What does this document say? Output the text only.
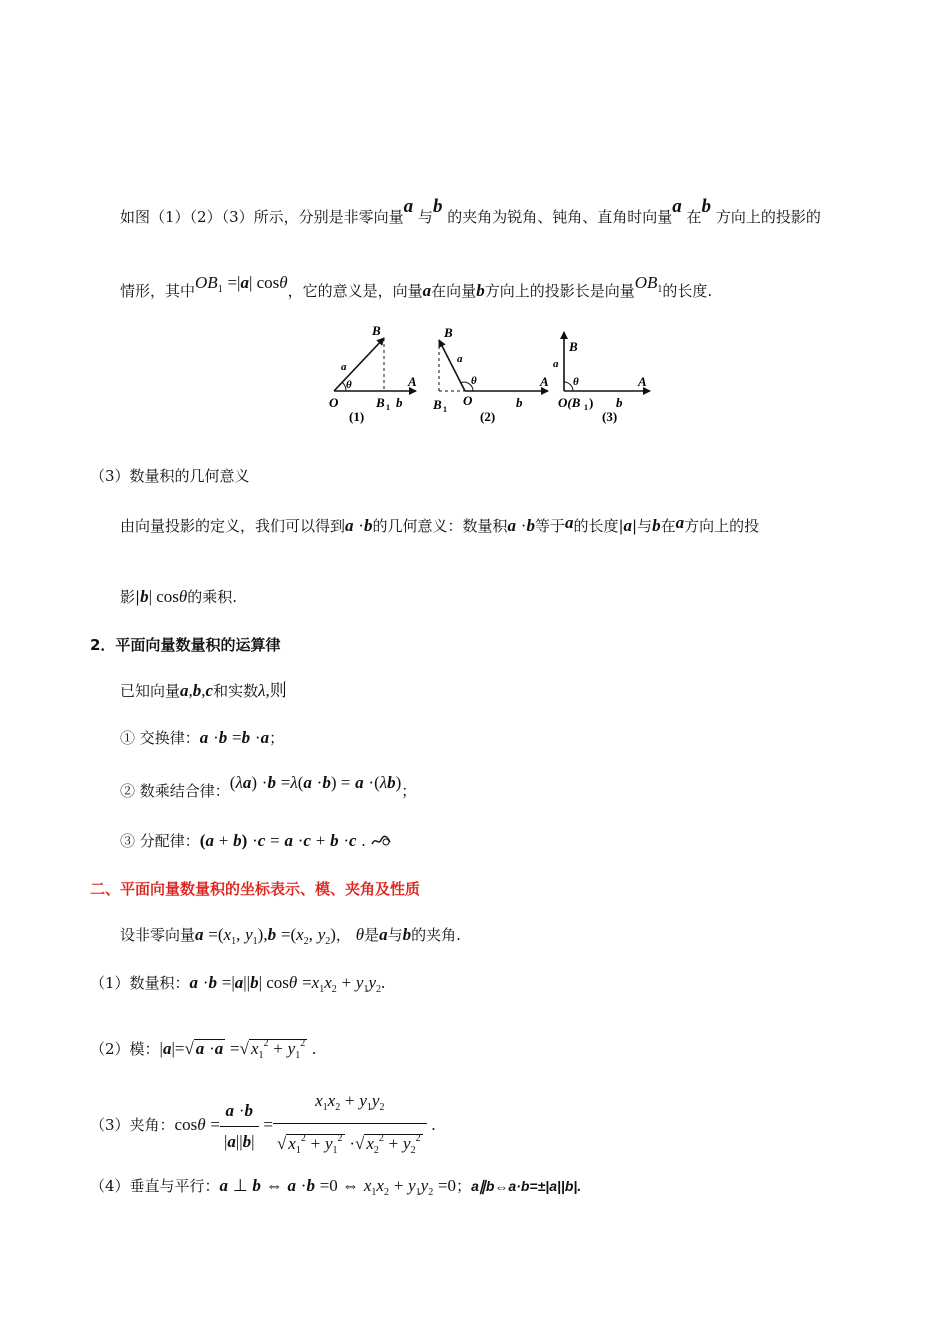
如图（1）（2）（3）所示，分别是非零向量a 与b 的夹角为锐角、钝角、直角时向量a 在b 方向上的投影的
情形，其中$OB_1 =|a|$ cosθ，它的意义是，向量a在向量b方向上的投影长是向量$OB_1$的长度.
B
a
θ	A
O	B 1 b
(1)
B
a
θ	A
B 1
O	b
(2)
B
a
θ	A
O(B 1 ) b
(3)
（3）数量积的几何意义
由向量投影的定义，我们可以得到a ·b的几何意义：数量积a ·b等于a的长度|a|与b在a方向上的投
影|b| cosθ的乘积.
2．平面向量数量积的运算律
已知向量a,b,c和实数λ,则
① 交换律：a ·b =b ·a；
② 数乘结合律：(λa) ·b =λ(a ·b) = a ·(λb)；
③ 分配律：(a + b) ·c = a ·c + b ·c .
二、平面向量数量积的坐标表示、模、夹角及性质
设非零向量$a =(x_1$, $y_1),b =(x_2$, $y_2$)， θ是a与b的夹角.
（1）数量积：a ·b =|a||b| $\cos\theta =x_1x_2 + y_1y_2$.
（2）模：|a|=√ a ·a =√ $x_1^2 + y_1^2$ .
（3）夹角：$\cos\theta = \frac{a \cdot b}{|a||b|} = \frac{x_1x_2 + y_1y_2}{√ x_1^2 + y_1^2 \cdot√ x_2^2 + y_2^2}$ .
（4）垂直与平行：a ⊥ b ⇔ a ·b =0 ⇔ $x_1x_2 + y_1y_2 =0$；a∥b⇔a·b=±|a||b|.
